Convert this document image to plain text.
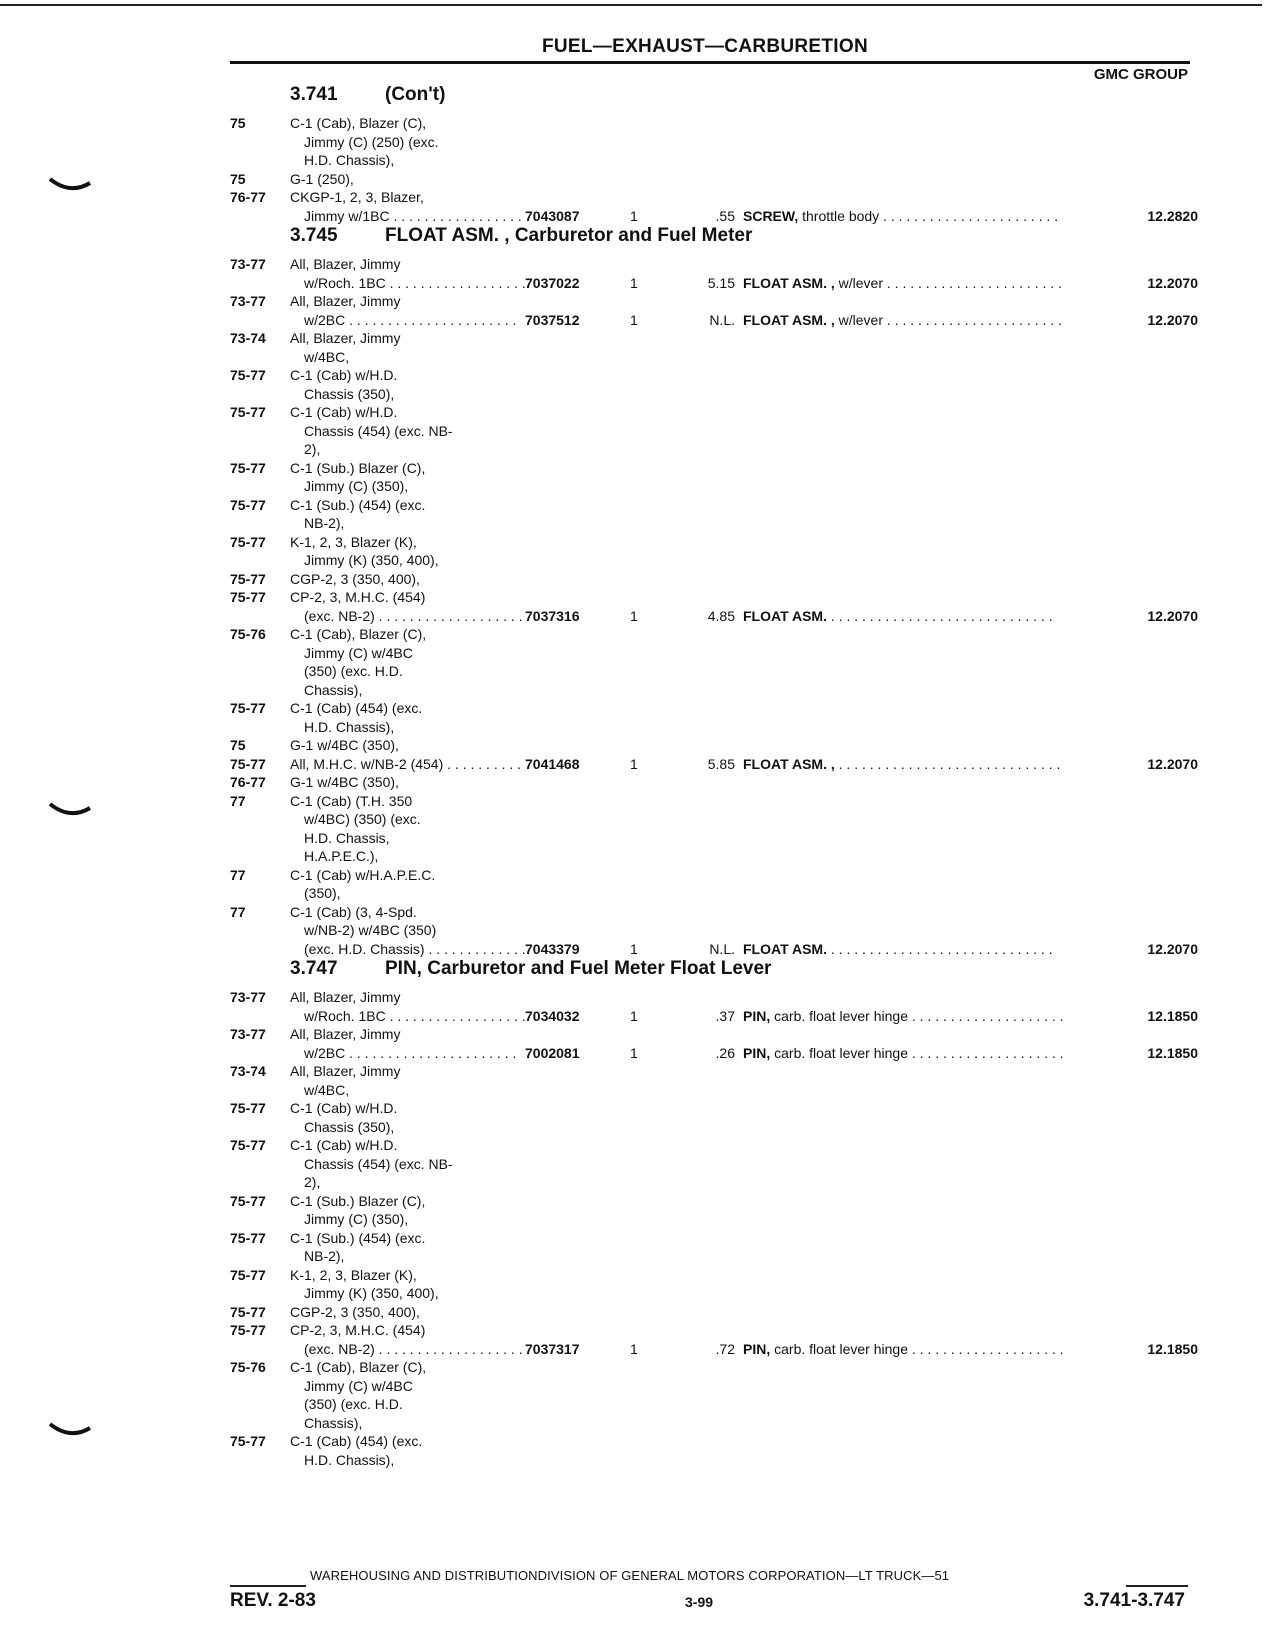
FUEL—EXHAUST—CARBURETION
GMC GROUP
3.741	(Con't)
75	C-1 (Cab), Blazer (C),
Jimmy (C) (250) (exc.
H.D. Chassis),
75	G-1 (250),
76-77	CKGP-1, 2, 3, Blazer,
Jimmy w/1BC . . .	7043087	1	.55 SCREW, throttle body . . .	12.2820
3.745	FLOAT ASM. , Carburetor and Fuel Meter
73-77	All, Blazer, Jimmy
w/Roch. 1BC . . .	7037022	1	5.15 FLOAT ASM. , w/lever . . .	12.2070
73-77	All, Blazer, Jimmy
w/2BC . . .	7037512	1	N.L. FLOAT ASM. , w/lever . . .	12.2070
73-74	All, Blazer, Jimmy
w/4BC,
75-77	C-1 (Cab) w/H.D.
Chassis (350),
75-77	C-1 (Cab) w/H.D.
Chassis (454) (exc. NB-
2),
75-77	C-1 (Sub.) Blazer (C),
Jimmy (C) (350),
75-77	C-1 (Sub.) (454) (exc.
NB-2),
75-77	K-1, 2, 3, Blazer (K),
Jimmy (K) (350, 400),
75-77	CGP-2, 3 (350, 400),
75-77	CP-2, 3, M.H.C. (454)
(exc. NB-2) . . .	7037316	1	4.85 FLOAT ASM. . . .	12.2070
75-76	C-1 (Cab), Blazer (C),
Jimmy (C) w/4BC
(350) (exc. H.D.
Chassis),
75-77	C-1 (Cab) (454) (exc.
H.D. Chassis),
75	G-1 w/4BC (350),
75-77	All, M.H.C. w/NB-2 (454) . . .	7041468	1	5.85 FLOAT ASM. , . . .	12.2070
76-77	G-1 w/4BC (350),
77	C-1 (Cab) (T.H. 350
w/4BC) (350) (exc.
H.D. Chassis,
H.A.P.E.C.),
77	C-1 (Cab) w/H.A.P.E.C.
(350),
77	C-1 (Cab) (3, 4-Spd.
w/NB-2) w/4BC (350)
(exc. H.D. Chassis) . . .	7043379	1	N.L. FLOAT ASM. . . .	12.2070
3.747	PIN, Carburetor and Fuel Meter Float Lever
73-77	All, Blazer, Jimmy
w/Roch. 1BC . . .	7034032	1	.37 PIN, carb. float lever hinge . . .	12.1850
73-77	All, Blazer, Jimmy
w/2BC . . .	7002081	1	.26 PIN, carb. float lever hinge . . .	12.1850
73-74	All, Blazer, Jimmy
w/4BC,
75-77	C-1 (Cab) w/H.D.
Chassis (350),
75-77	C-1 (Cab) w/H.D.
Chassis (454) (exc. NB-
2),
75-77	C-1 (Sub.) Blazer (C),
Jimmy (C) (350),
75-77	C-1 (Sub.) (454) (exc.
NB-2),
75-77	K-1, 2, 3, Blazer (K),
Jimmy (K) (350, 400),
75-77	CGP-2, 3 (350, 400),
75-77	CP-2, 3, M.H.C. (454)
(exc. NB-2) . . .	7037317	1	.72 PIN, carb. float lever hinge . . .	12.1850
75-76	C-1 (Cab), Blazer (C),
Jimmy (C) w/4BC
(350) (exc. H.D.
Chassis),
75-77	C-1 (Cab) (454) (exc.
H.D. Chassis),
WAREHOUSING AND DISTRIBUTIONDIVISION OF GENERAL MOTORS CORPORATION—LT TRUCK—51
REV. 2-83	3-99	3.741-3.747
